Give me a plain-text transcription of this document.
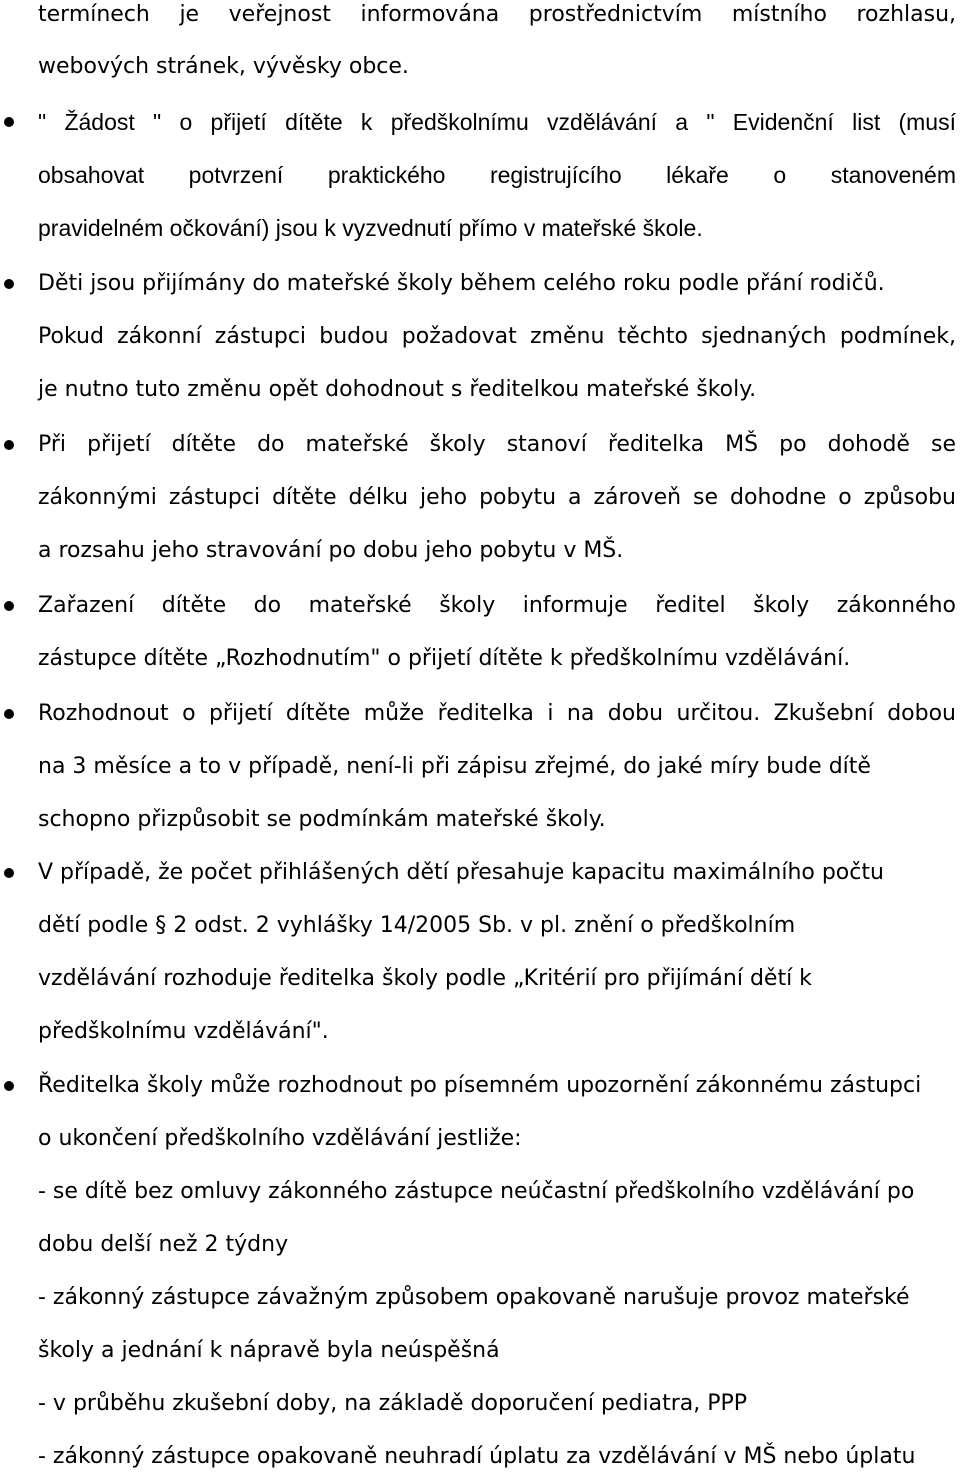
termínech je veřejnost informována prostřednictvím místního rozhlasu,
webových stránek, vývěsky obce.
" Žádost " o přijetí dítěte k předškolnímu vzdělávání a " Evidenční list (musí
obsahovat potvrzení praktického registrujícího lékaře o stanoveném
pravidelném očkování) jsou k vyzvednutí přímo v mateřské škole.
Děti jsou přijímány do mateřské školy během celého roku podle přání rodičů.
Pokud zákonní zástupci budou požadovat změnu těchto sjednaných podmínek,
je nutno tuto změnu opět dohodnout s ředitelkou mateřské školy.
Při přijetí dítěte do mateřské školy stanoví ředitelka MŠ po dohodě se
zákonnými zástupci dítěte délku jeho pobytu a zároveň se dohodne o způsobu
a rozsahu jeho stravování po dobu jeho pobytu v MŠ.
Zařazení dítěte do mateřské školy informuje ředitel školy zákonného
zástupce dítěte „Rozhodnutím" o přijetí dítěte k předškolnímu vzdělávání.
Rozhodnout o přijetí dítěte může ředitelka i na dobu určitou. Zkušební dobou
na 3 měsíce a to v případě, není-li při zápisu zřejmé, do jaké míry bude dítě
schopno přizpůsobit se podmínkám mateřské školy.
V případě, že počet přihlášených dětí přesahuje kapacitu maximálního počtu
dětí podle § 2 odst. 2 vyhlášky 14/2005 Sb. v pl. znění o předškolním
vzdělávání rozhoduje ředitelka školy podle „Kritérií pro přijímání dětí k
předškolnímu vzdělávání".
Ředitelka školy může rozhodnout po písemném upozornění zákonnému zástupci
o ukončení předškolního vzdělávání jestliže:
- se dítě bez omluvy zákonného zástupce neúčastní předškolního vzdělávání po
dobu delší než 2 týdny
- zákonný zástupce závažným způsobem opakovaně narušuje provoz mateřské
školy a jednání k nápravě byla neúspěšná
- v průběhu zkušební doby, na základě doporučení pediatra, PPP
- zákonný zástupce opakovaně neuhradí úplatu za vzdělávání v MŠ nebo úplatu
